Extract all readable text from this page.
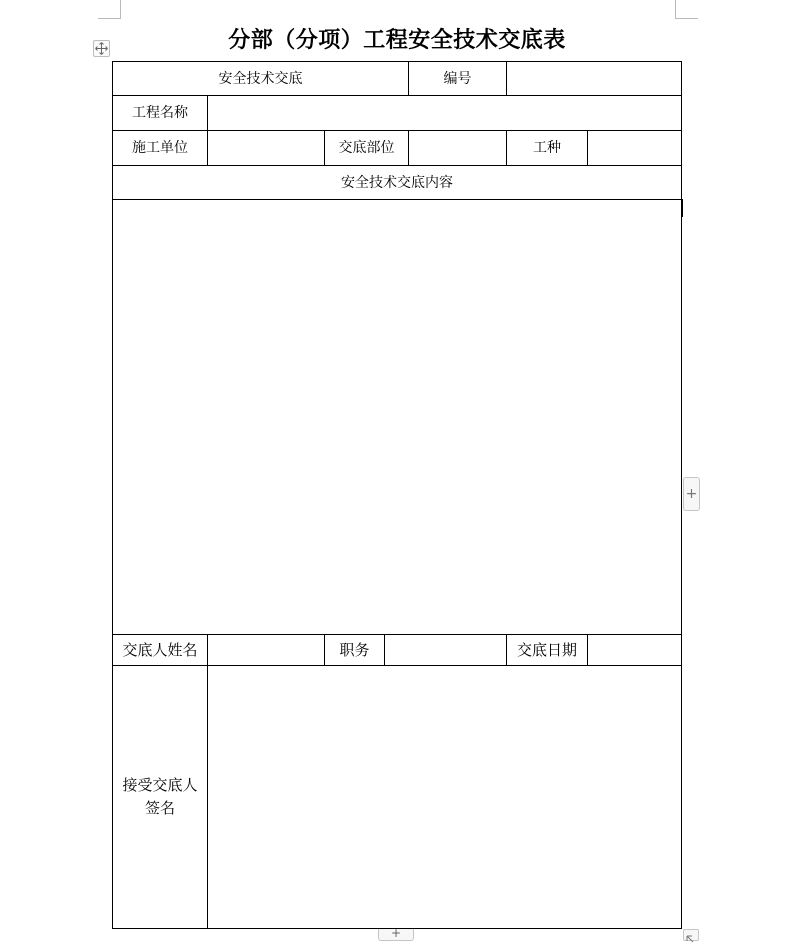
分部（分项）工程安全技术交底表
安全技术交底	编号
工程名称
施工单位	交底部位	工种
安全技术交底内容
交底人姓名	职务	交底日期
接受交底人
签名
+
+
